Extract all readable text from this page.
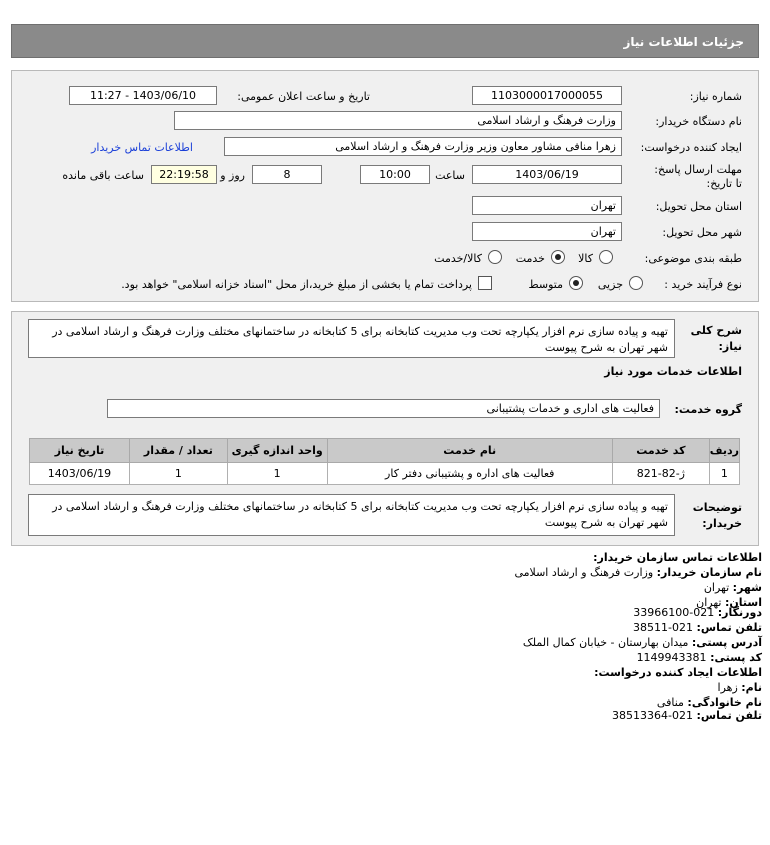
جزئیات اطلاعات نیاز
شماره نیاز:
1103000017000055
تاریخ و ساعت اعلان عمومی:
1403/06/10 - 11:27
نام دستگاه خریدار:
وزارت فرهنگ و ارشاد اسلامی
ایجاد کننده درخواست:
زهرا منافی مشاور معاون وزیر وزارت فرهنگ و ارشاد اسلامی
اطلاعات تماس خریدار
مهلت ارسال پاسخ: تا تاریخ:
1403/06/19
ساعت
10:00
8
روز و
22:19:58
ساعت باقی مانده
استان محل تحویل:
تهران
شهر محل تحویل:
تهران
طبقه بندی موضوعی:
کالا
خدمت
کالا/خدمت
نوع فرآیند خرید :
جزیی
متوسط
پرداخت تمام یا بخشی از مبلغ خرید،از محل "اسناد خزانه اسلامی" خواهد بود.
شرح کلی نیاز:
تهیه و پیاده سازی نرم افزار یکپارچه تحت وب مدیریت کتابخانه برای 5 کتابخانه در ساختمانهای مختلف وزارت فرهنگ و ارشاد اسلامی در شهر تهران به شرح پیوست
اطلاعات خدمات مورد نیاز
گروه خدمت:
فعالیت های اداری و خدمات پشتیبانی
ردیف	کد خدمت	نام خدمت	واحد اندازه گیری	تعداد / مقدار	تاریخ نیاز
1	ژ-82-821	فعالیت های اداره و پشتیبانی دفتر کار	1	1	1403/06/19
توضیحات خریدار:
تهیه و پیاده سازی نرم افزار یکپارچه تحت وب مدیریت کتابخانه برای 5 کتابخانه در ساختمانهای مختلف وزارت فرهنگ و ارشاد اسلامی در شهر تهران به شرح پیوست
اطلاعات تماس سازمان خریدار:
نام سازمان خریدار: وزارت فرهنگ و ارشاد اسلامی
شهر: تهران
استان: تهران
دورنگار: 021-33966100
تلفن تماس: 021-38511
آدرس پستی: میدان بهارستان - خیابان کمال الملک
کد پستی: 1149943381
اطلاعات ایجاد کننده درخواست:
نام: زهرا
نام خانوادگی: منافی
تلفن تماس: 021-38513364
